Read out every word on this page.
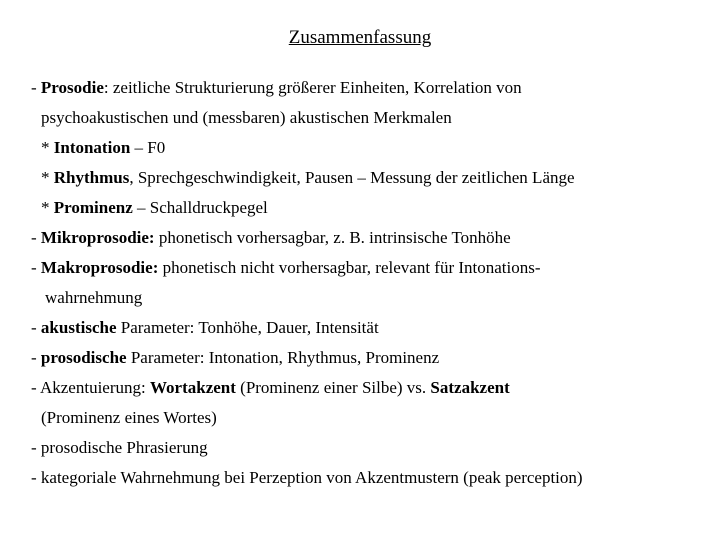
Zusammenfassung
- Prosodie: zeitliche Strukturierung größerer Einheiten, Korrelation von
psychoakustischen und (messbaren) akustischen Merkmalen
* Intonation – F0
* Rhythmus, Sprechgeschwindigkeit, Pausen – Messung der zeitlichen Länge
* Prominenz – Schalldruckpegel
- Mikroprosodie: phonetisch vorhersagbar, z. B. intrinsische Tonhöhe
- Makroprosodie: phonetisch nicht vorhersagbar, relevant für Intonations-
wahrnehmung
- akustische Parameter: Tonhöhe, Dauer, Intensität
- prosodische Parameter: Intonation, Rhythmus, Prominenz
- Akzentuierung: Wortakzent (Prominenz einer Silbe) vs. Satzakzent
(Prominenz eines Wortes)
- prosodische Phrasierung
- kategoriale Wahrnehmung bei Perzeption von Akzentmustern (peak perception)
